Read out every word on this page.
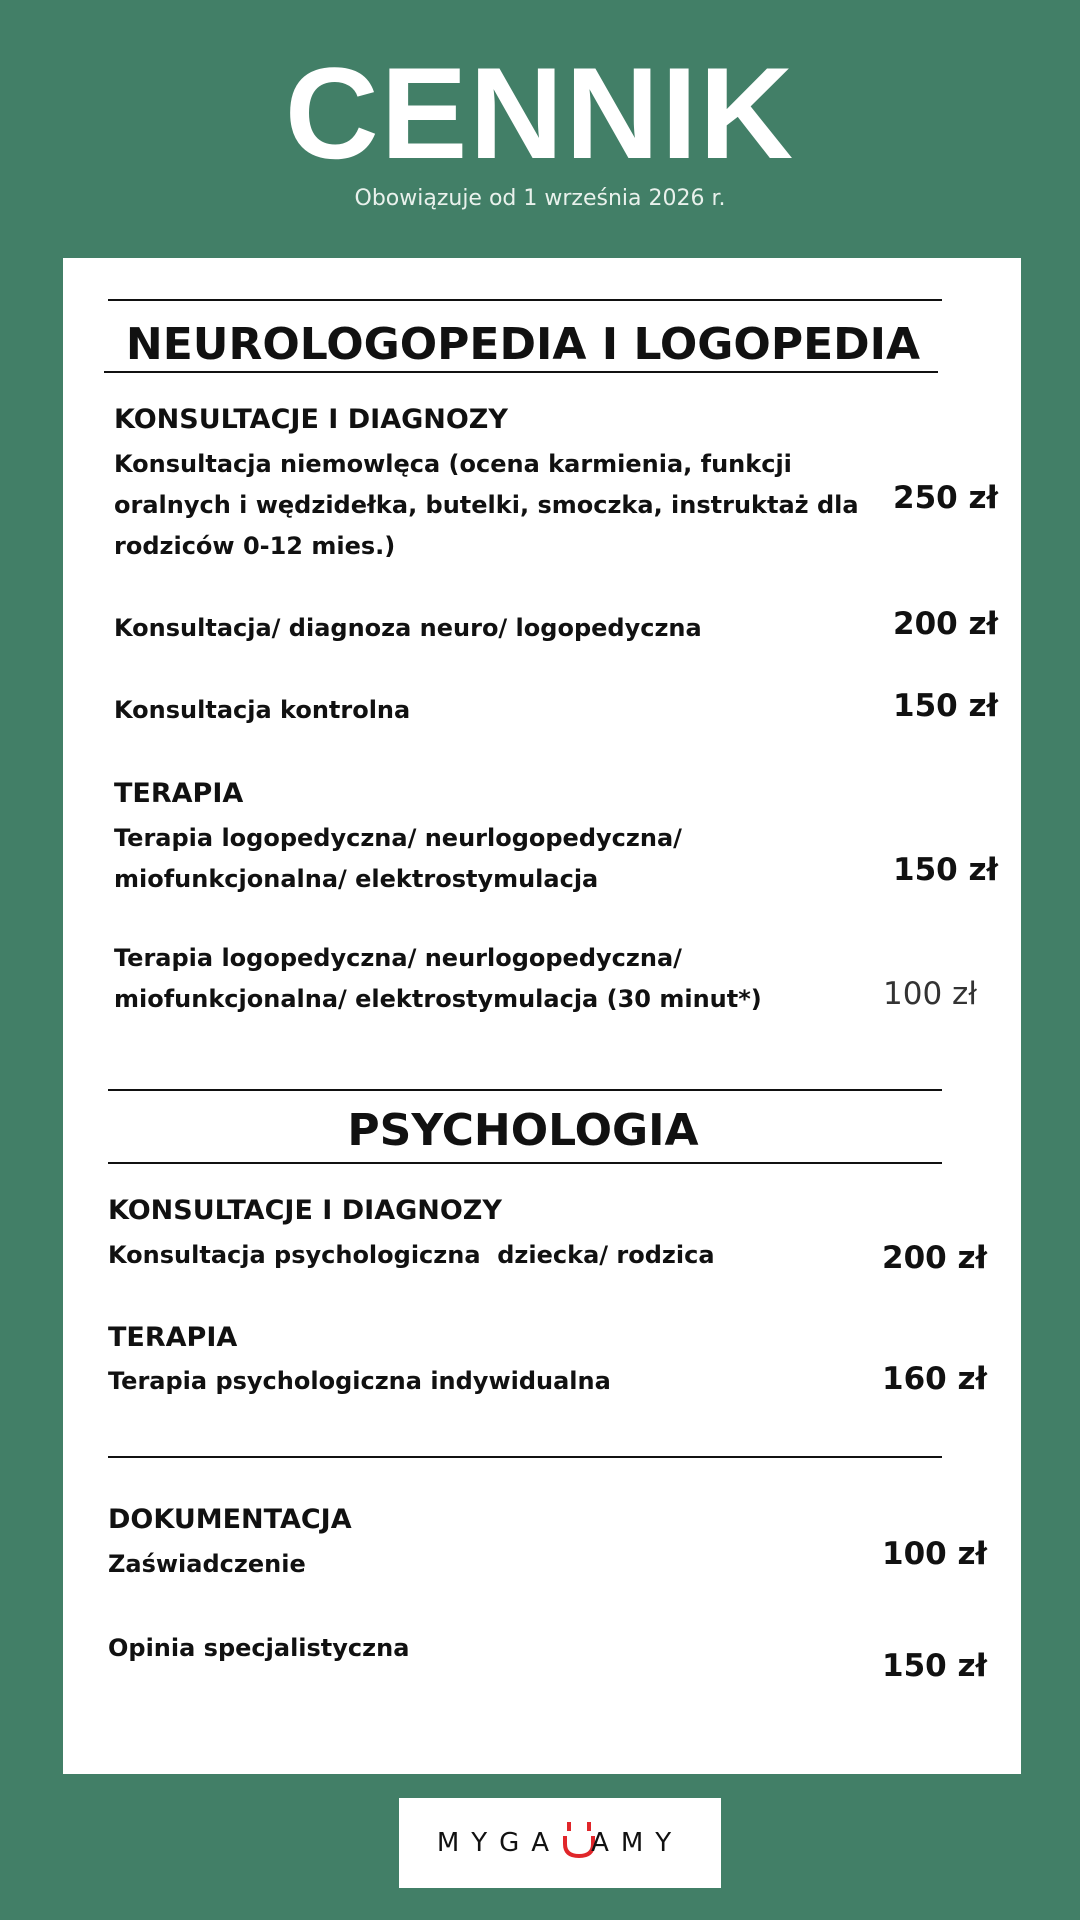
CENNIK
Obowiązuje od 1 września 2026 r.
NEUROLOGOPEDIA I LOGOPEDIA
KONSULTACJE I DIAGNOZY
Konsultacja niemowlęca (ocena karmienia, funkcji oralnych i wędzidełka, butelki, smoczka, instruktaż dla rodziców 0-12 mies.)
250 zł
Konsultacja/ diagnoza neuro/ logopedyczna	200 zł
Konsultacja kontrolna	150 zł
TERAPIA
Terapia logopedyczna/ neurlogopedyczna/ miofunkcjonalna/ elektrostymulacja	150 zł
Terapia logopedyczna/ neurlogopedyczna/ miofunkcjonalna/ elektrostymulacja (30 minut*)	100 zł
PSYCHOLOGIA
KONSULTACJE I DIAGNOZY
Konsultacja psychologiczna  dziecka/ rodzica	200 zł
TERAPIA
Terapia psychologiczna indywidualna	160 zł
DOKUMENTACJA
Zaświadczenie	100 zł
Opinia specjalistyczna	150 zł
MYGA AMY
